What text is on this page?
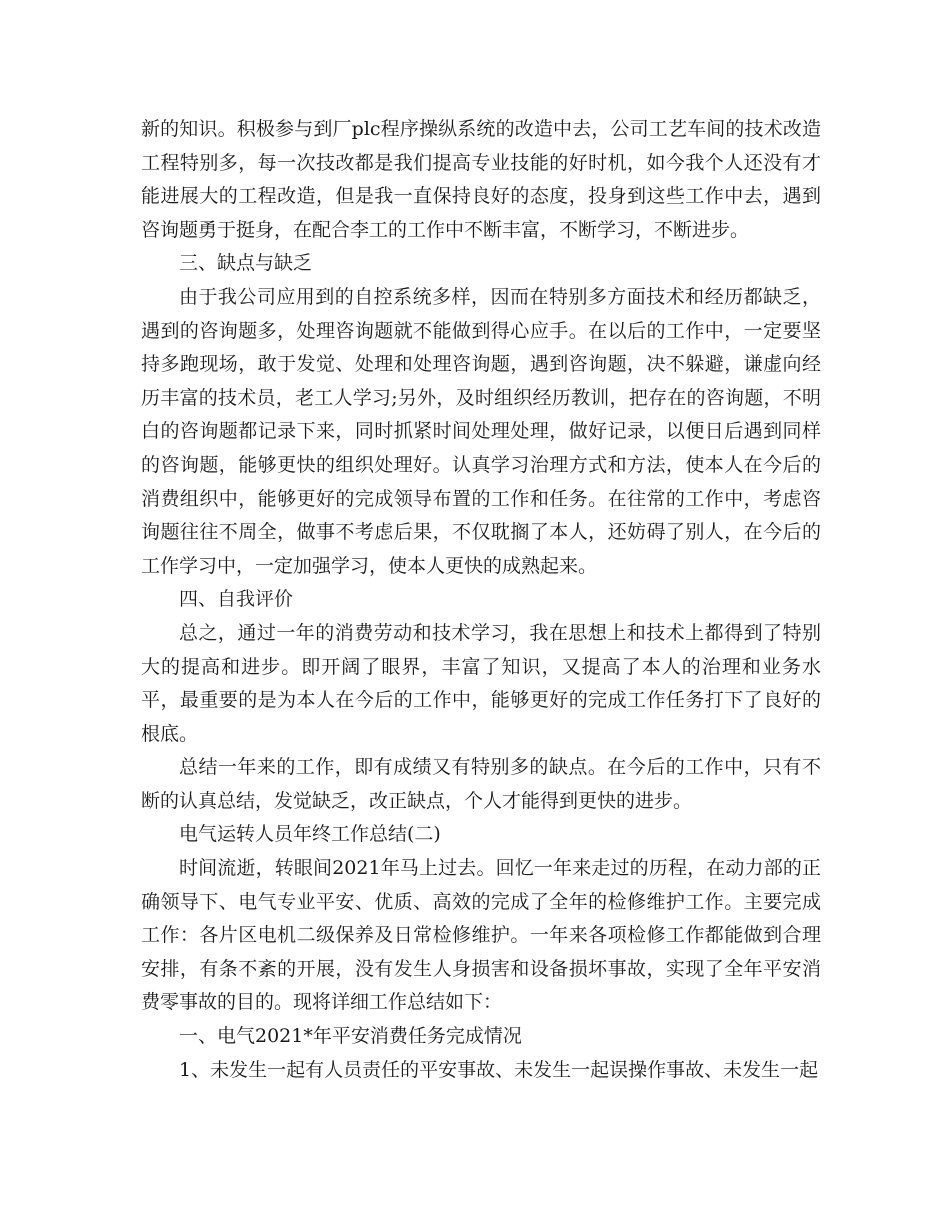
新的知识。积极参与到厂plc程序操纵系统的改造中去，公司工艺车间的技术改造工程特别多，每一次技改都是我们提高专业技能的好时机，如今我个人还没有才能进展大的工程改造，但是我一直保持良好的态度，投身到这些工作中去，遇到咨询题勇于挺身，在配合李工的工作中不断丰富，不断学习，不断进步。

三、缺点与缺乏

由于我公司应用到的自控系统多样，因而在特别多方面技术和经历都缺乏，遇到的咨询题多，处理咨询题就不能做到得心应手。在以后的工作中，一定要坚持多跑现场，敢于发觉、处理和处理咨询题，遇到咨询题，决不躲避，谦虚向经历丰富的技术员，老工人学习;另外，及时组织经历教训，把存在的咨询题，不明白的咨询题都记录下来，同时抓紧时间处理处理，做好记录，以便日后遇到同样的咨询题，能够更快的组织处理好。认真学习治理方式和方法，使本人在今后的消费组织中，能够更好的完成领导布置的工作和任务。在往常的工作中，考虑咨询题往往不周全，做事不考虑后果，不仅耽搁了本人，还妨碍了别人，在今后的工作学习中，一定加强学习，使本人更快的成熟起来。

四、自我评价

总之，通过一年的消费劳动和技术学习，我在思想上和技术上都得到了特别大的提高和进步。即开阔了眼界，丰富了知识，又提高了本人的治理和业务水平，最重要的是为本人在今后的工作中，能够更好的完成工作任务打下了良好的根底。

总结一年来的工作，即有成绩又有特别多的缺点。在今后的工作中，只有不断的认真总结，发觉缺乏，改正缺点，个人才能得到更快的进步。

电气运转人员年终工作总结(二)

时间流逝，转眼间2021年马上过去。回忆一年来走过的历程，在动力部的正确领导下、电气专业平安、优质、高效的完成了全年的检修维护工作。主要完成工作：各片区电机二级保养及日常检修维护。一年来各项检修工作都能做到合理安排，有条不紊的开展，没有发生人身损害和设备损坏事故，实现了全年平安消费零事故的目的。现将详细工作总结如下：

一、电气2021*年平安消费任务完成情况

1、未发生一起有人员责任的平安事故、未发生一起误操作事故、未发生一起
